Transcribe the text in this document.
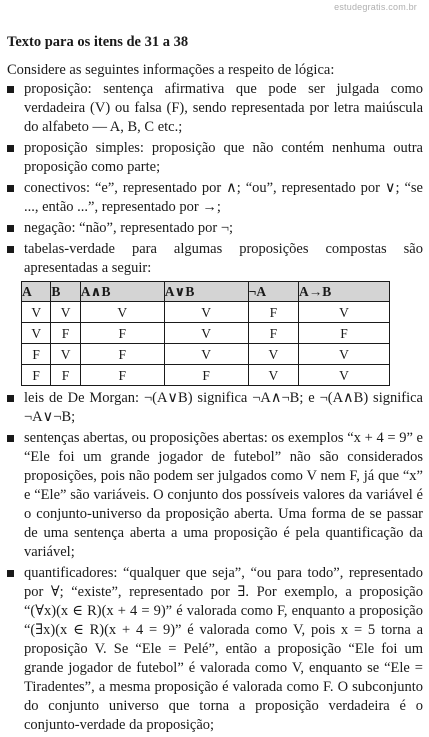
estudegratis.com.br
Texto para os itens de 31 a 38
Considere as seguintes informações a respeito de lógica:
proposição: sentença afirmativa que pode ser julgada como verdadeira (V) ou falsa (F), sendo representada por letra maiúscula do alfabeto — A, B, C etc.;
proposição simples: proposição que não contém nenhuma outra proposição como parte;
conectivos: “e”, representado por ∧; “ou”, representado por ∨; “se ..., então ...”, representado por →;
negação: “não”, representado por ¬;
tabelas-verdade para algumas proposições compostas são apresentadas a seguir:
A	B	A∧B	A∨B	¬A	A→B
V	V	V	V	F	V
V	F	F	V	F	F
F	V	F	V	V	V
F	F	F	F	V	V
leis de De Morgan: ¬(A∨B) significa ¬A∧¬B; e ¬(A∧B) significa ¬A∨¬B;
sentenças abertas, ou proposições abertas: os exemplos “x + 4 = 9” e “Ele foi um grande jogador de futebol” não são considerados proposições, pois não podem ser julgados como V nem F, já que “x” e “Ele” são variáveis. O conjunto dos possíveis valores da variável é o conjunto-universo da proposição aberta. Uma forma de se passar de uma sentença aberta a uma proposição é pela quantificação da variável;
quantificadores: “qualquer que seja”, “ou para todo”, representado por ∀; “existe”, representado por ∃. Por exemplo, a proposição “(∀x)(x ∈ R)(x + 4 = 9)” é valorada como F, enquanto a proposição “(∃x)(x ∈ R)(x + 4 = 9)” é valorada como V, pois x = 5 torna a proposição V. Se “Ele = Pelé”, então a proposição “Ele foi um grande jogador de futebol” é valorada como V, enquanto se “Ele = Tiradentes”, a mesma proposição é valorada como F. O subconjunto do conjunto universo que torna a proposição verdadeira é o conjunto-verdade da proposição;
